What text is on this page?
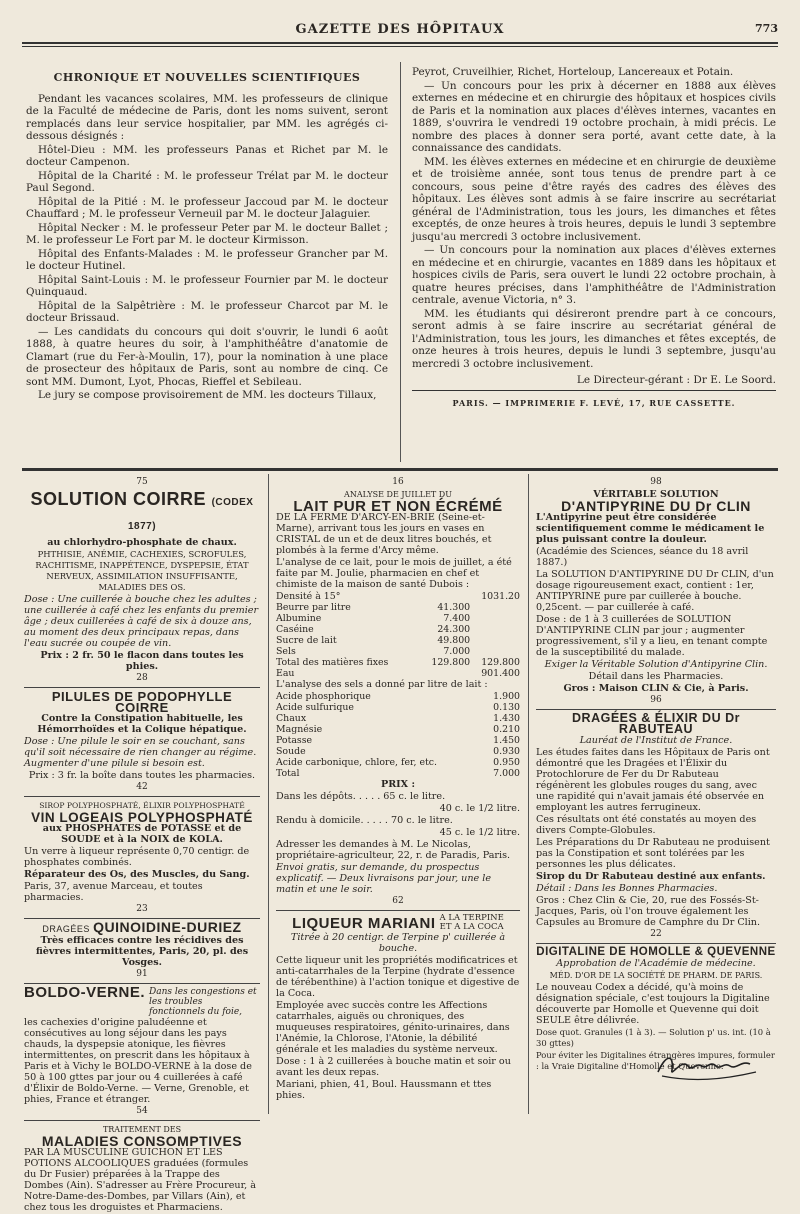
GAZETTE DES HÔPITAUX	773
CHRONIQUE ET NOUVELLES SCIENTIFIQUES

Pendant les vacances scolaires, MM. les professeurs de clinique de la Faculté de médecine de Paris, dont les noms suivent, seront remplacés dans leur service hospitalier, par MM. les agrégés ci-dessous désignés :

Hôtel-Dieu : MM. les professeurs Panas et Richet par M. le docteur Campenon.

Hôpital de la Charité : M. le professeur Trélat par M. le docteur Paul Segond.

Hôpital de la Pitié : M. le professeur Jaccoud par M. le docteur Chauffard ; M. le professeur Verneuil par M. le docteur Jalaguier.

Hôpital Necker : M. le professeur Peter par M. le docteur Ballet ; M. le professeur Le Fort par M. le docteur Kirmisson.

Hôpital des Enfants-Malades : M. le professeur Grancher par M. le docteur Hutinel.

Hôpital Saint-Louis : M. le professeur Fournier par M. le docteur Quinquaud.

Hôpital de la Salpêtrière : M. le professeur Charcot par M. le docteur Brissaud.

— Les candidats du concours qui doit s'ouvrir, le lundi 6 août 1888, à quatre heures du soir, à l'amphithéâtre d'anatomie de Clamart (rue du Fer-à-Moulin, 17), pour la nomination à une place de prosecteur des hôpitaux de Paris, sont au nombre de cinq. Ce sont MM. Dumont, Lyot, Phocas, Rieffel et Sebileau.

Le jury se compose provisoirement de MM. les docteurs Tillaux,

Peyrot, Cruveilhier, Richet, Horteloup, Lancereaux et Potain.

— Un concours pour les prix à décerner en 1888 aux élèves externes en médecine et en chirurgie des hôpitaux et hospices civils de Paris et la nomination aux places d'élèves internes, vacantes en 1889, s'ouvrira le vendredi 19 octobre prochain, à midi précis. Le nombre des places à donner sera porté, avant cette date, à la connaissance des candidats.

MM. les élèves externes en médecine et en chirurgie de deuxième et de troisième année, sont tous tenus de prendre part à ce concours, sous peine d'être rayés des cadres des élèves des hôpitaux. Les élèves sont admis à se faire inscrire au secrétariat général de l'Administration, tous les jours, les dimanches et fêtes exceptés, de onze heures à trois heures, depuis le lundi 3 septembre jusqu'au mercredi 3 octobre inclusivement.

— Un concours pour la nomination aux places d'élèves externes en médecine et en chirurgie, vacantes en 1889 dans les hôpitaux et hospices civils de Paris, sera ouvert le lundi 22 octobre prochain, à quatre heures précises, dans l'amphithéâtre de l'Administration centrale, avenue Victoria, n° 3.

MM. les étudiants qui désireront prendre part à ce concours, seront admis à se faire inscrire au secrétariat général de l'Administration, tous les jours, les dimanches et fêtes exceptés, de onze heures à trois heures, depuis le lundi 3 septembre, jusqu'au mercredi 3 octobre inclusivement.

Le Directeur-gérant : Dr E. Le Soord.
PARIS. — IMPRIMERIE F. LEVÉ, 17, RUE CASSETTE.
75
SOLUTION COIRRE (CODEX 1877)

au chlorhydro-phosphate de chaux.

PHTHISIE, ANÉMIE, CACHEXIES, SCROFULES, RACHITISME, INAPPÉTENCE, DYSPEPSIE, ÉTAT NERVEUX, ASSIMILATION INSUFFISANTE, MALADIES DES OS.

Dose : Une cuillerée à bouche chez les adultes ; une cuillerée à café chez les enfants du premier âge ; deux cuillerées à café de six à douze ans, au moment des deux principaux repas, dans l'eau sucrée ou coupée de vin.

Prix : 2 fr. 50 le flacon dans toutes les phies.

28
PILULES DE PODOPHYLLE COIRRE

Contre la Constipation habituelle, les Hémorrhoïdes et la Colique hépatique.

Dose : Une pilule le soir en se couchant, sans qu'il soit nécessaire de rien changer au régime. Augmenter d'une pilule si besoin est.

Prix : 3 fr. la boîte dans toutes les pharmacies.

42

SIROP POLYPHOSPHATÉ, ÉLIXIR POLYPHOSPHATÉ

VIN LOGEAIS POLYPHOSPHATÉ

aux PHOSPHATES de POTASSE et de SOUDE et à la NOIX de KOLA.

Un verre à liqueur représente 0,70 centigr. de phosphates combinés.

Réparateur des Os, des Muscles, du Sang.

Paris, 37, avenue Marceau, et toutes pharmacies.

23
DRAGÉES QUINOIDINE-DURIEZ

Très efficaces contre les récidives des fièvres intermittentes, Paris, 20, pl. des Vosges.

91
BOLDO-VERNE. Dans les congestions et les troubles fonctionnels du foie,

les cachexies d'origine paludéenne et consécutives au long séjour dans les pays chauds, la dyspepsie atonique, les fièvres intermittentes, on prescrit dans les hôpitaux à Paris et à Vichy le BOLDO-VERNE à la dose de 50 à 100 gttes par jour ou 4 cuillerées à café d'Élixir de Boldo-Verne. — Verne, Grenoble, et phies, France et étranger.

54

TRAITEMENT DES

MALADIES CONSOMPTIVES

PAR LA MUSCULINE GUICHON ET LES POTIONS ALCOOLIQUES graduées (formules du Dr Fusier) préparées à la Trappe des Dombes (Ain). S'adresser au Frère Procureur, à Notre-Dame-des-Dombes, par Villars (Ain), et chez tous les droguistes et Pharmaciens.

16

ANALYSE DE JUILLET DU

LAIT PUR ET NON ÉCRÉMÉ

DE LA FERME D'ARCY-EN-BRIE (Seine-et-Marne), arrivant tous les jours en vases en CRISTAL de un et de deux litres bouchés, et plombés à la ferme d'Arcy même.

L'analyse de ce lait, pour le mois de juillet, a été faite par M. Joulie, pharmacien en chef et chimiste de la maison de santé Dubois :

Densité à 15°		1031.20
Beurre par litre	41.300	
Albumine	7.400	
Caséine	24.300	
Sucre de lait	49.800	
Sels	7.000	
Total des matières fixes	129.800	129.800
Eau		901.400

L'analyse des sels a donné par litre de lait :

Acide phosphorique	1.900
Acide sulfurique	0.130
Chaux	1.430
Magnésie	0.210
Potasse	1.450
Soude	0.930
Acide carbonique, chlore, fer, etc.	0.950
Total	7.000

PRIX :

Dans les dépôts. . . . . 65 c. le litre.

40 c. le 1/2 litre.

Rendu à domicile. . . . . 70 c. le litre.

45 c. le 1/2 litre.

Adresser les demandes à M. Le Nicolas, propriétaire-agriculteur, 22, r. de Paradis, Paris.

Envoi gratis, sur demande, du prospectus explicatif. — Deux livraisons par jour, une le matin et une le soir.

62
LIQUEUR MARIANI A LA TERPINE
ET A LA COCA

Titrée à 20 centigr. de Terpine p' cuillerée à bouche.

Cette liqueur unit les propriétés modificatrices et anti-catarrhales de la Terpine (hydrate d'essence de térébenthine) à l'action tonique et digestive de la Coca.

Employée avec succès contre les Affections catarrhales, aiguës ou chroniques, des muqueuses respiratoires, génito-urinaires, dans l'Anémie, la Chlorose, l'Atonie, la débilité générale et les maladies du système nerveux.

Dose : 1 à 2 cuillerées à bouche matin et soir ou avant les deux repas.

Mariani, phien, 41, Boul. Haussmann et ttes phies.

98

VÉRITABLE SOLUTION

D'ANTIPYRINE DU Dr CLIN

L'Antipyrine peut être considérée scientifiquement comme le médicament le plus puissant contre la douleur.

(Académie des Sciences, séance du 18 avril 1887.)

La SOLUTION D'ANTIPYRINE DU Dr CLIN, d'un dosage rigoureusement exact, contient : 1er, ANTIPYRINE pure par cuillerée à bouche. 0,25cent. — par cuillerée à café.

Dose : de 1 à 3 cuillerées de SOLUTION D'ANTIPYRINE CLIN par jour ; augmenter progressivement, s'il y a lieu, en tenant compte de la susceptibilité du malade.

Exiger la Véritable Solution d'Antipyrine Clin.

Détail dans les Pharmacies.

Gros : Maison CLIN & Cie, à Paris.

96
DRAGÉES & ÉLIXIR DU Dr RABUTEAU

Lauréat de l'Institut de France.

Les études faites dans les Hôpitaux de Paris ont démontré que les Dragées et l'Élixir du Protochlorure de Fer du Dr Rabuteau régénèrent les globules rouges du sang, avec une rapidité qui n'avait jamais été observée en employant les autres ferrugineux.

Ces résultats ont été constatés au moyen des divers Compte-Globules.

Les Préparations du Dr Rabuteau ne produisent pas la Constipation et sont tolérées par les personnes les plus délicates.

Sirop du Dr Rabuteau destiné aux enfants.

Détail : Dans les Bonnes Pharmacies.

Gros : Chez Clin & Cie, 20, rue des Fossés-St-Jacques, Paris, où l'on trouve également les Capsules au Bromure de Camphre du Dr Clin.

22
DIGITALINE DE HOMOLLE & QUEVENNE

Approbation de l'Académie de médecine.

MÉD. D'OR DE LA SOCIÉTÉ DE PHARM. DE PARIS.

Le nouveau Codex a décidé, qu'à moins de désignation spéciale, c'est toujours la Digitaline découverte par Homolle et Quevenne qui doit SEULE être délivrée.

Dose quot. Granules (1 à 3). — Solution p' us. int. (10 à 30 gttes)

Pour éviter les Digitalines étrangères impures, formuler : la Vraie Digitaline d'Homolle et Quevenne.
